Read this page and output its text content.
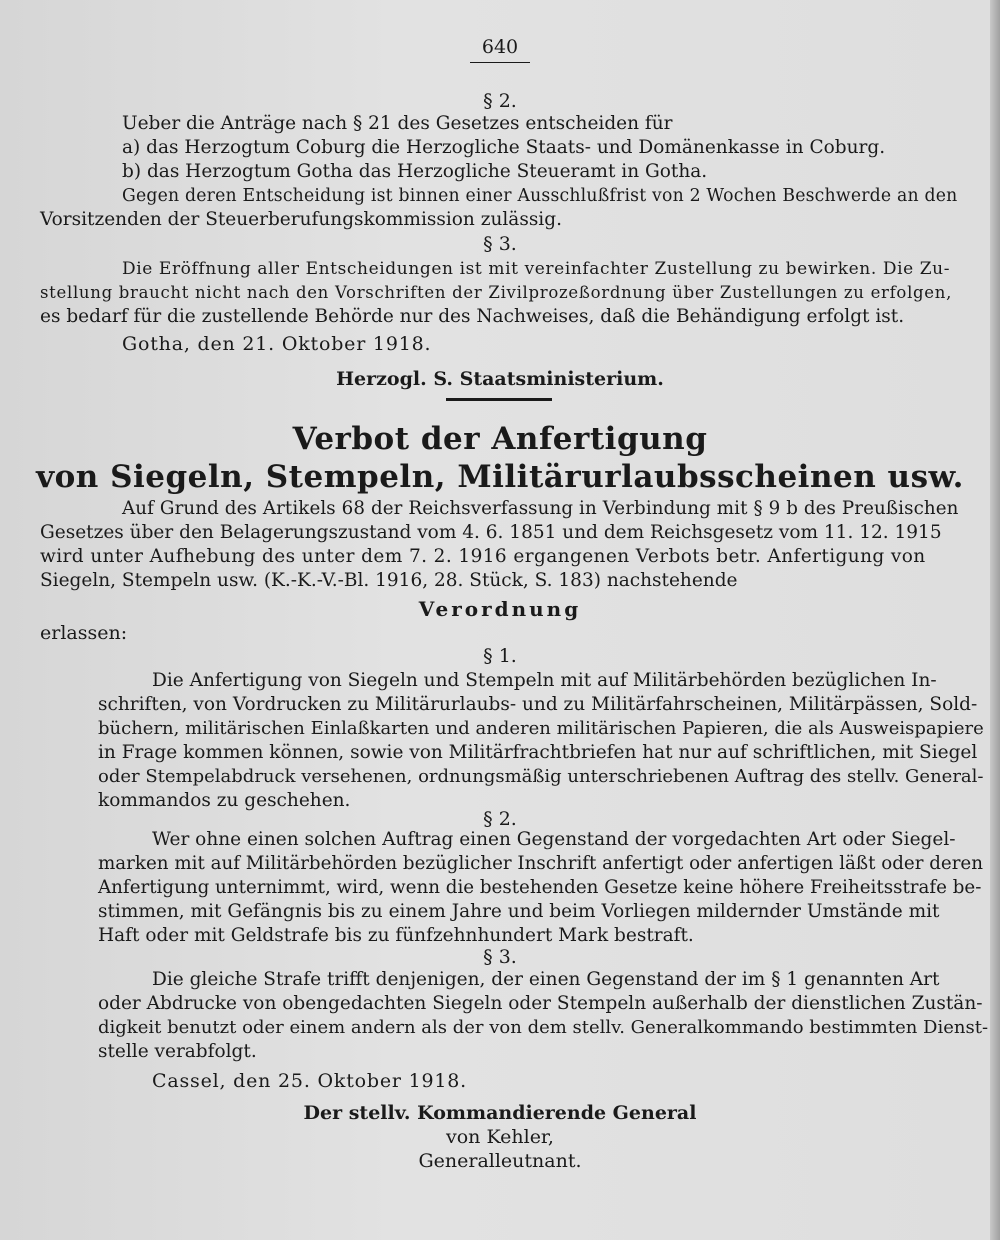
640
§ 2.
Ueber die Anträge nach § 21 des Gesetzes entscheiden für
a) das Herzogtum Coburg die Herzogliche Staats- und Domänenkasse in Coburg.
b) das Herzogtum Gotha das Herzogliche Steueramt in Gotha.
Gegen deren Entscheidung ist binnen einer Ausschlußfrist von 2 Wochen Beschwerde an den
Vorsitzenden der Steuerberufungskommission zulässig.
§ 3.
Die Eröffnung aller Entscheidungen ist mit vereinfachter Zustellung zu bewirken. Die Zu-
stellung braucht nicht nach den Vorschriften der Zivilprozeßordnung über Zustellungen zu erfolgen,
es bedarf für die zustellende Behörde nur des Nachweises, daß die Behändigung erfolgt ist.
Gotha, den 21. Oktober 1918.
Herzogl. S. Staatsministerium.
Verbot der Anfertigung
von Siegeln, Stempeln, Militärurlaubsscheinen usw.
Auf Grund des Artikels 68 der Reichsverfassung in Verbindung mit § 9 b des Preußischen
Gesetzes über den Belagerungszustand vom 4. 6. 1851 und dem Reichsgesetz vom 11. 12. 1915
wird unter Aufhebung des unter dem 7. 2. 1916 ergangenen Verbots betr. Anfertigung von
Siegeln, Stempeln usw. (K.-K.-V.-Bl. 1916, 28. Stück, S. 183) nachstehende
Verordnung
erlassen:
§ 1.
Die Anfertigung von Siegeln und Stempeln mit auf Militärbehörden bezüglichen In-
schriften, von Vordrucken zu Militärurlaubs- und zu Militärfahrscheinen, Militärpässen, Sold-
büchern, militärischen Einlaßkarten und anderen militärischen Papieren, die als Ausweispapiere
in Frage kommen können, sowie von Militärfrachtbriefen hat nur auf schriftlichen, mit Siegel
oder Stempelabdruck versehenen, ordnungsmäßig unterschriebenen Auftrag des stellv. General-
kommandos zu geschehen.
§ 2.
Wer ohne einen solchen Auftrag einen Gegenstand der vorgedachten Art oder Siegel-
marken mit auf Militärbehörden bezüglicher Inschrift anfertigt oder anfertigen läßt oder deren
Anfertigung unternimmt, wird, wenn die bestehenden Gesetze keine höhere Freiheitsstrafe be-
stimmen, mit Gefängnis bis zu einem Jahre und beim Vorliegen mildernder Umstände mit
Haft oder mit Geldstrafe bis zu fünfzehnhundert Mark bestraft.
§ 3.
Die gleiche Strafe trifft denjenigen, der einen Gegenstand der im § 1 genannten Art
oder Abdrucke von obengedachten Siegeln oder Stempeln außerhalb der dienstlichen Zustän-
digkeit benutzt oder einem andern als der von dem stellv. Generalkommando bestimmten Dienst-
stelle verabfolgt.
Cassel, den 25. Oktober 1918.
Der stellv. Kommandierende General
von Kehler,
Generalleutnant.
